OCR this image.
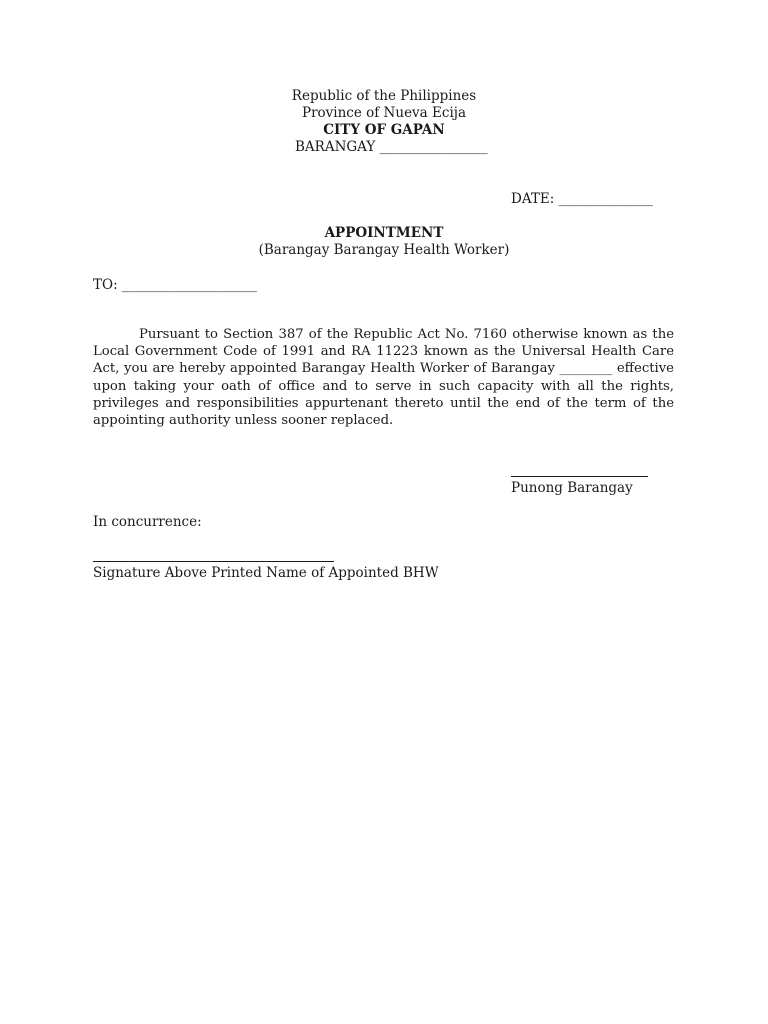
Republic of the Philippines
Province of Nueva Ecija
CITY OF GAPAN
BARANGAY ________________
DATE: ______________
APPOINTMENT
(Barangay Barangay Health Worker)
TO: ____________________
Pursuant to Section 387 of the Republic Act No. 7160 otherwise known as the Local Government Code of 1991 and RA 11223 known as the Universal Health Care Act, you are hereby appointed Barangay Health Worker of Barangay ________ effective upon taking your oath of office and to serve in such capacity with all the rights, privileges and responsibilities appurtenant thereto until the end of the term of the appointing authority unless sooner replaced.
Punong Barangay
In concurrence:
Signature Above Printed Name of Appointed BHW
